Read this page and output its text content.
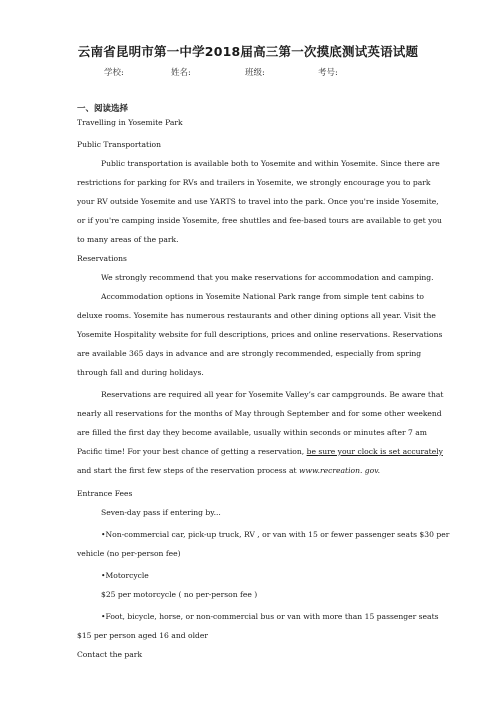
云南省昆明市第一中学2018届高三第一次摸底测试英语试题
学校:	姓名:	班级:	考号:
一、阅读选择
Travelling in Yosemite Park
Public Transportation
Public transportation is available both to Yosemite and within Yosemite. Since there are
restrictions for parking for RVs and trailers in Yosemite, we strongly encourage you to park
your RV outside Yosemite and use YARTS to travel into the park. Once you're inside Yosemite,
or if you're camping inside Yosemite, free shuttles and fee-based tours are available to get you
to many areas of the park.
Reservations
We strongly recommend that you make reservations for accommodation and camping.
Accommodation options in Yosemite National Park range from simple tent cabins to
deluxe rooms. Yosemite has numerous restaurants and other dining options all year. Visit the
Yosemite Hospitality website for full descriptions, prices and online reservations. Reservations
are available 365 days in advance and are strongly recommended, especially from spring
through fall and during holidays.
Reservations are required all year for Yosemite Valley’s car campgrounds. Be aware that
nearly all reservations for the months of May through September and for some other weekend
are filled the first day they become available, usually within seconds or minutes after 7 am
Pacific time! For your best chance of getting a reservation, be sure your clock is set accurately
and start the first few steps of the reservation process at www.recreation. gov.
Entrance Fees
Seven-day pass if entering by...
•Non-commercial car, pick-up truck, RV , or van with 15 or fewer passenger seats $30 per
vehicle (no per-person fee)
•Motorcycle
$25 per motorcycle ( no per-person fee )
•Foot, bicycle, horse, or non-commercial bus or van with more than 15 passenger seats
$15 per person aged 16 and older
Contact the park
